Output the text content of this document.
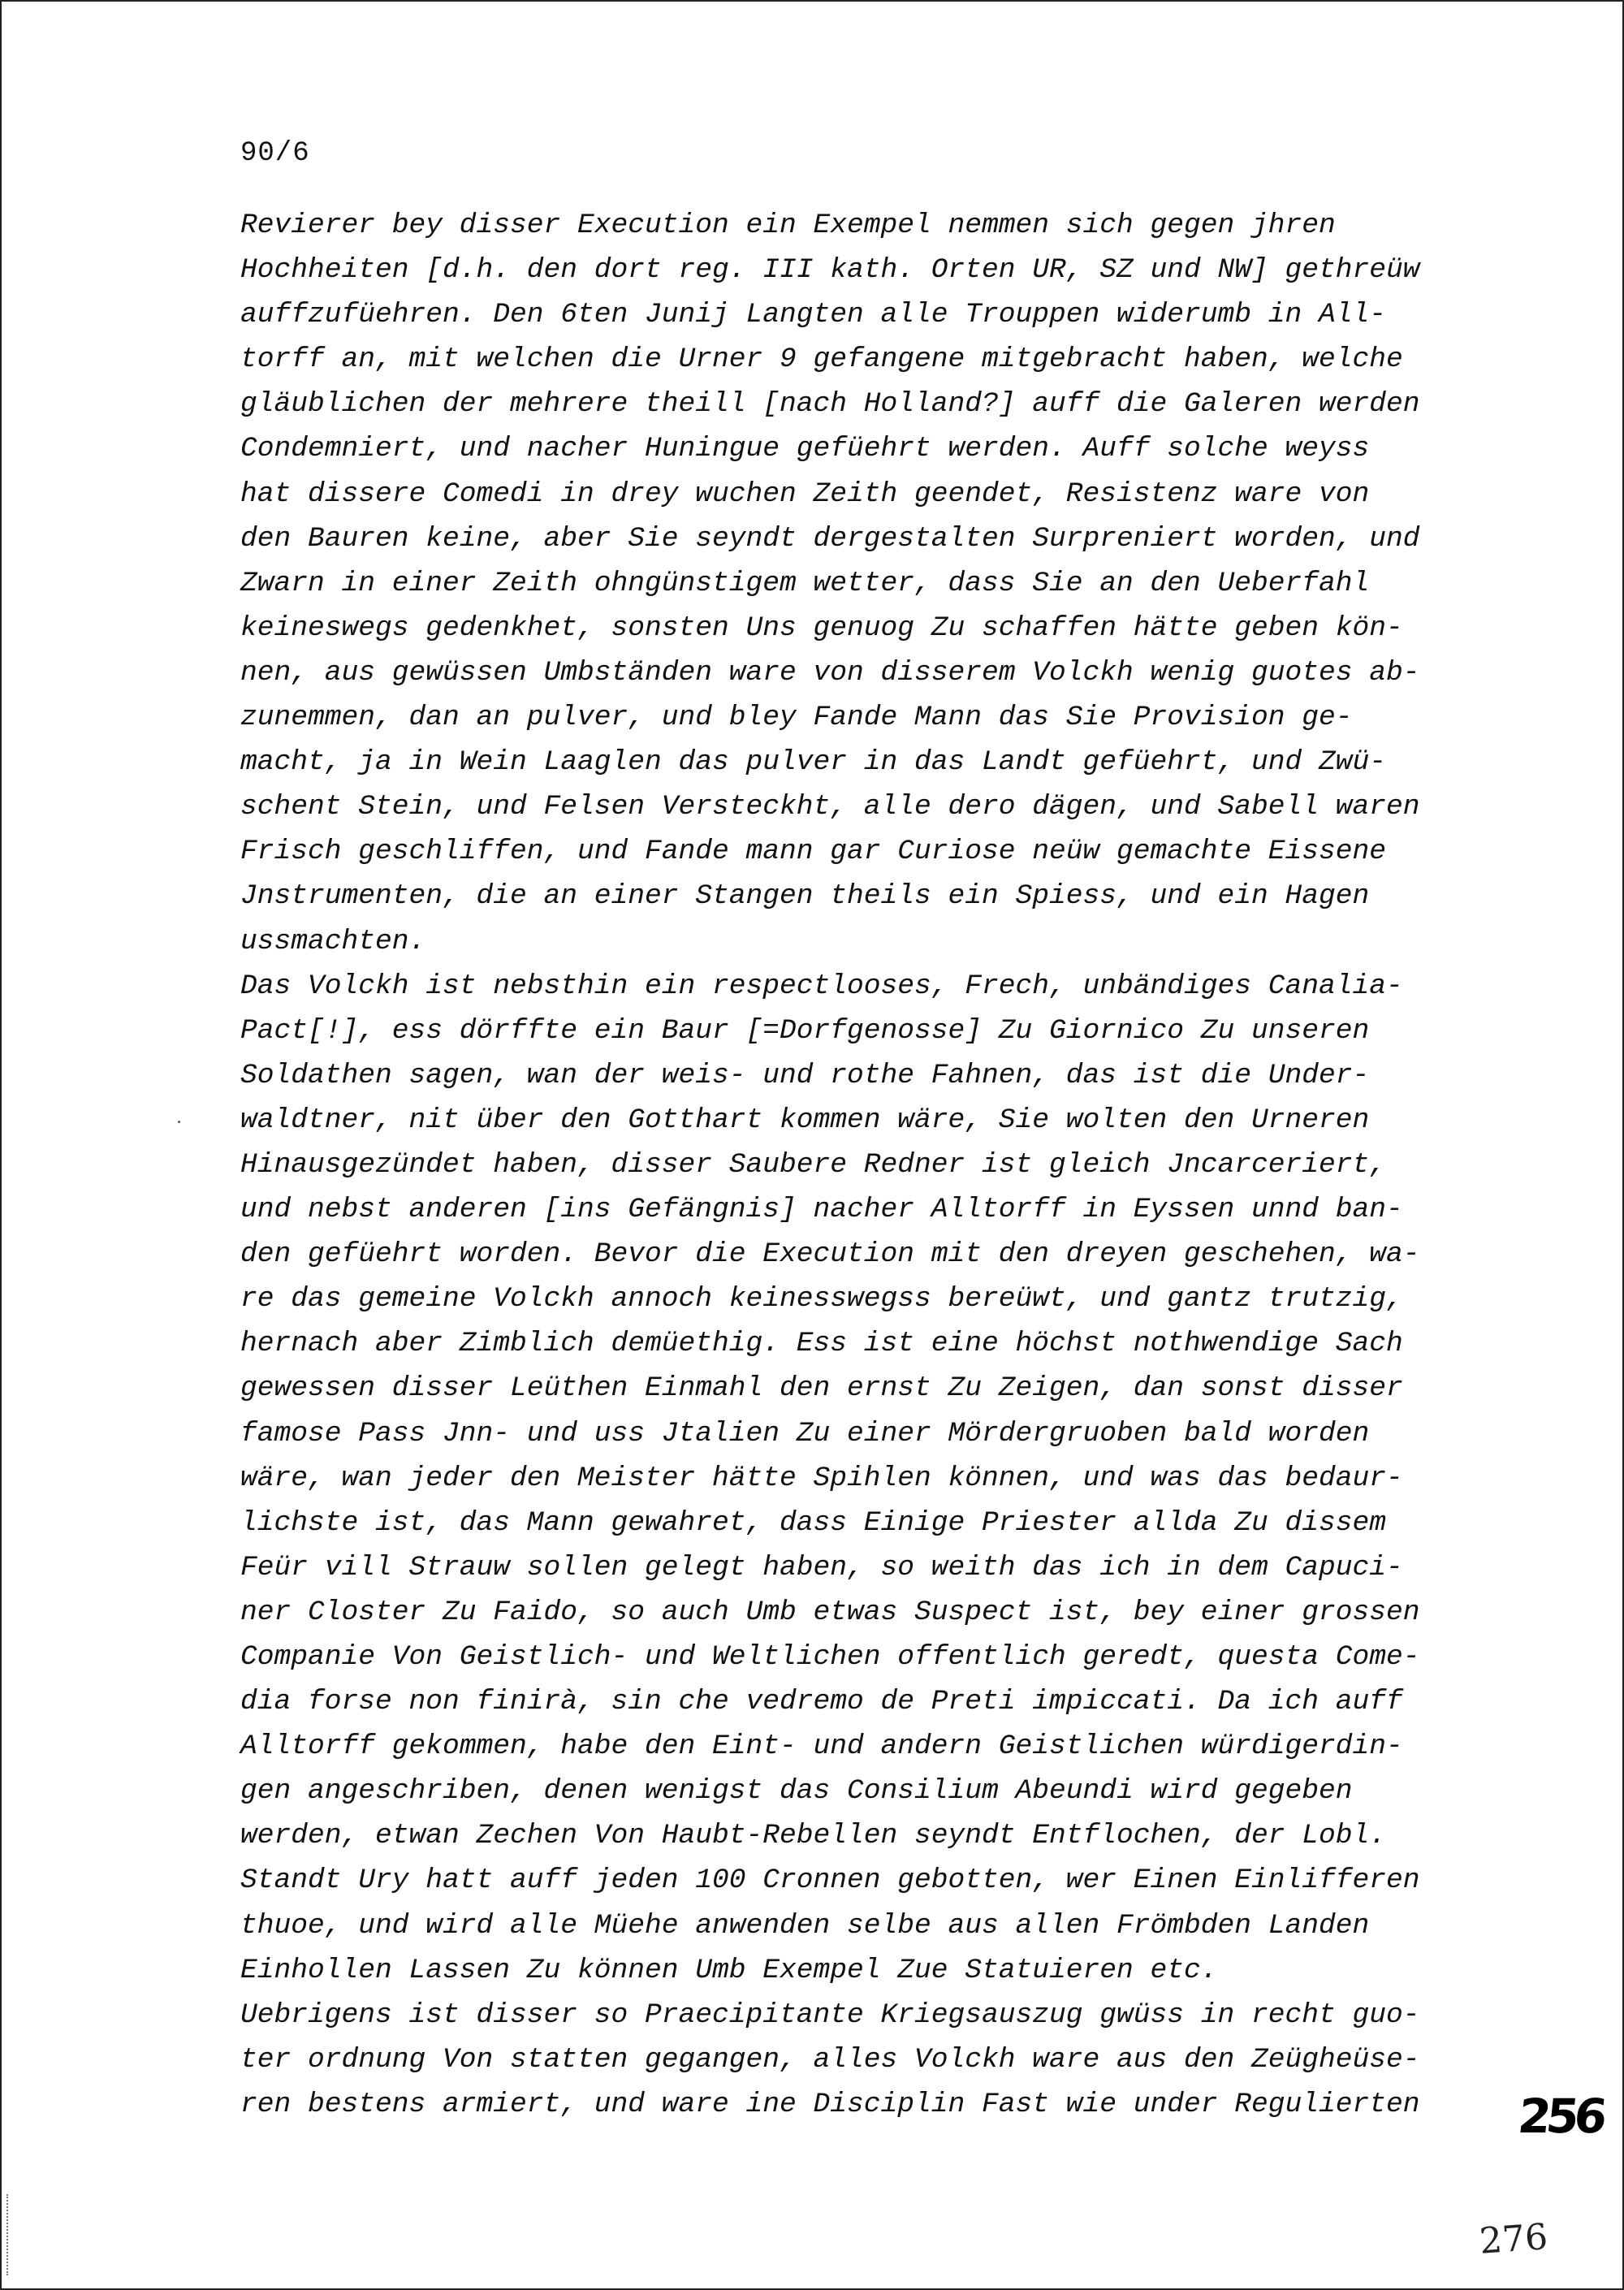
90/6
Revierer bey disser Execution ein Exempel nemmen sich gegen jhren
Hochheiten [d.h. den dort reg. III kath. Orten UR, SZ und NW] gethreüw
auffzufüehren. Den 6ten Junij Langten alle Trouppen widerumb in All-
torff an, mit welchen die Urner 9 gefangene mitgebracht haben, welche
gläublichen der mehrere theill [nach Holland?] auff die Galeren werden
Condemniert, und nacher Huningue gefüehrt werden. Auff solche weyss
hat dissere Comedi in drey wuchen Zeith geendet, Resistenz ware von
den Bauren keine, aber Sie seyndt dergestalten Surpreniert worden, und
Zwarn in einer Zeith ohngünstigem wetter, dass Sie an den Ueberfahl
keineswegs gedenkhet, sonsten Uns genuog Zu schaffen hätte geben kön-
nen, aus gewüssen Umbständen ware von disserem Volckh wenig guotes ab-
zunemmen, dan an pulver, und bley Fande Mann das Sie Provision ge-
macht, ja in Wein Laaglen das pulver in das Landt gefüehrt, und Zwü-
schent Stein, und Felsen Versteckht, alle dero dägen, und Sabell waren
Frisch geschliffen, und Fande mann gar Curiose neüw gemachte Eissene
Jnstrumenten, die an einer Stangen theils ein Spiess, und ein Hagen
ussmachten.
Das Volckh ist nebsthin ein respectlooses, Frech, unbändiges Canalia-
Pact[!], ess dörffte ein Baur [=Dorfgenosse] Zu Giornico Zu unseren
Soldathen sagen, wan der weis- und rothe Fahnen, das ist die Under-
waldtner, nit über den Gotthart kommen wäre, Sie wolten den Urneren
Hinausgezündet haben, disser Saubere Redner ist gleich Jncarceriert,
und nebst anderen [ins Gefängnis] nacher Alltorff in Eyssen unnd ban-
den gefüehrt worden. Bevor die Execution mit den dreyen geschehen, wa-
re das gemeine Volckh annoch keinesswegss bereüwt, und gantz trutzig,
hernach aber Zimblich demüethig. Ess ist eine höchst nothwendige Sach
gewessen disser Leüthen Einmahl den ernst Zu Zeigen, dan sonst disser
famose Pass Jnn- und uss Jtalien Zu einer Mördergruoben bald worden
wäre, wan jeder den Meister hätte Spihlen können, und was das bedaur-
lichste ist, das Mann gewahret, dass Einige Priester allda Zu dissem
Feür vill Strauw sollen gelegt haben, so weith das ich in dem Capuci-
ner Closter Zu Faido, so auch Umb etwas Suspect ist, bey einer grossen
Companie Von Geistlich- und Weltlichen offentlich geredt, questa Come-
dia forse non finirà, sin che vedremo de Preti impiccati. Da ich auff
Alltorff gekommen, habe den Eint- und andern Geistlichen würdigerdin-
gen angeschriben, denen wenigst das Consilium Abeundi wird gegeben
werden, etwan Zechen Von Haubt-Rebellen seyndt Entflochen, der Lobl.
Standt Ury hatt auff jeden 100 Cronnen gebotten, wer Einen Einlifferen
thuoe, und wird alle Müehe anwenden selbe aus allen Frömbden Landen
Einhollen Lassen Zu können Umb Exempel Zue Statuieren etc.
Uebrigens ist disser so Praecipitante Kriegsauszug gwüss in recht guo-
ter ordnung Von statten gegangen, alles Volckh ware aus den Zeügheüse-
ren bestens armiert, und ware ine Disciplin Fast wie under Regulierten	256
276
